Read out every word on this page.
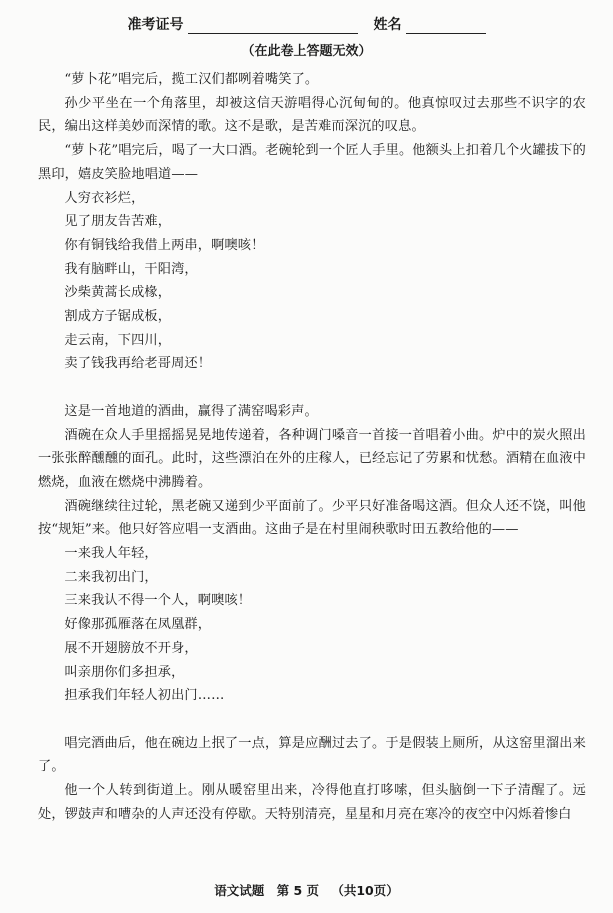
准考证号	姓名
（在此卷上答题无效）

“萝卜花”唱完后，揽工汉们都咧着嘴笑了。

孙少平坐在一个角落里，却被这信天游唱得心沉甸甸的。他真惊叹过去那些不识字的农民，编出这样美妙而深情的歌。这不是歌，是苦难而深沉的叹息。

“萝卜花”唱完后，喝了一大口酒。老碗轮到一个匠人手里。他额头上扣着几个火罐拔下的黑印，嬉皮笑脸地唱道——

人穷衣衫烂，
见了朋友告苦难，
你有铜钱给我借上两串，啊噢咳！
我有脑畔山，干阳湾，
沙柴黄蒿长成椽，
割成方子锯成板，
走云南，下四川，
卖了钱我再给老哥周还！

这是一首地道的酒曲，赢得了满窑喝彩声。

酒碗在众人手里摇摇晃晃地传递着，各种调门嗓音一首接一首唱着小曲。炉中的炭火照出一张张醉醺醺的面孔。此时，这些漂泊在外的庄稼人，已经忘记了劳累和忧愁。酒精在血液中燃烧，血液在燃烧中沸腾着。

酒碗继续往过轮，黑老碗又递到少平面前了。少平只好准备喝这酒。但众人还不饶，叫他按“规矩”来。他只好答应唱一支酒曲。这曲子是在村里闹秧歌时田五教给他的——

一来我人年轻，
二来我初出门，
三来我认不得一个人，啊噢咳！
好像那孤雁落在凤凰群，
展不开翅膀放不开身，
叫亲朋你们多担承，
担承我们年轻人初出门……

唱完酒曲后，他在碗边上抿了一点，算是应酬过去了。于是假装上厕所，从这窑里溜出来了。

他一个人转到街道上。刚从暖窑里出来，冷得他直打哆嗦，但头脑倒一下子清醒了。远处，锣鼓声和嘈杂的人声还没有停歇。天特别清亮，星星和月亮在寒冷的夜空中闪烁着惨白

语文试题 第 5 页 （共10页）
